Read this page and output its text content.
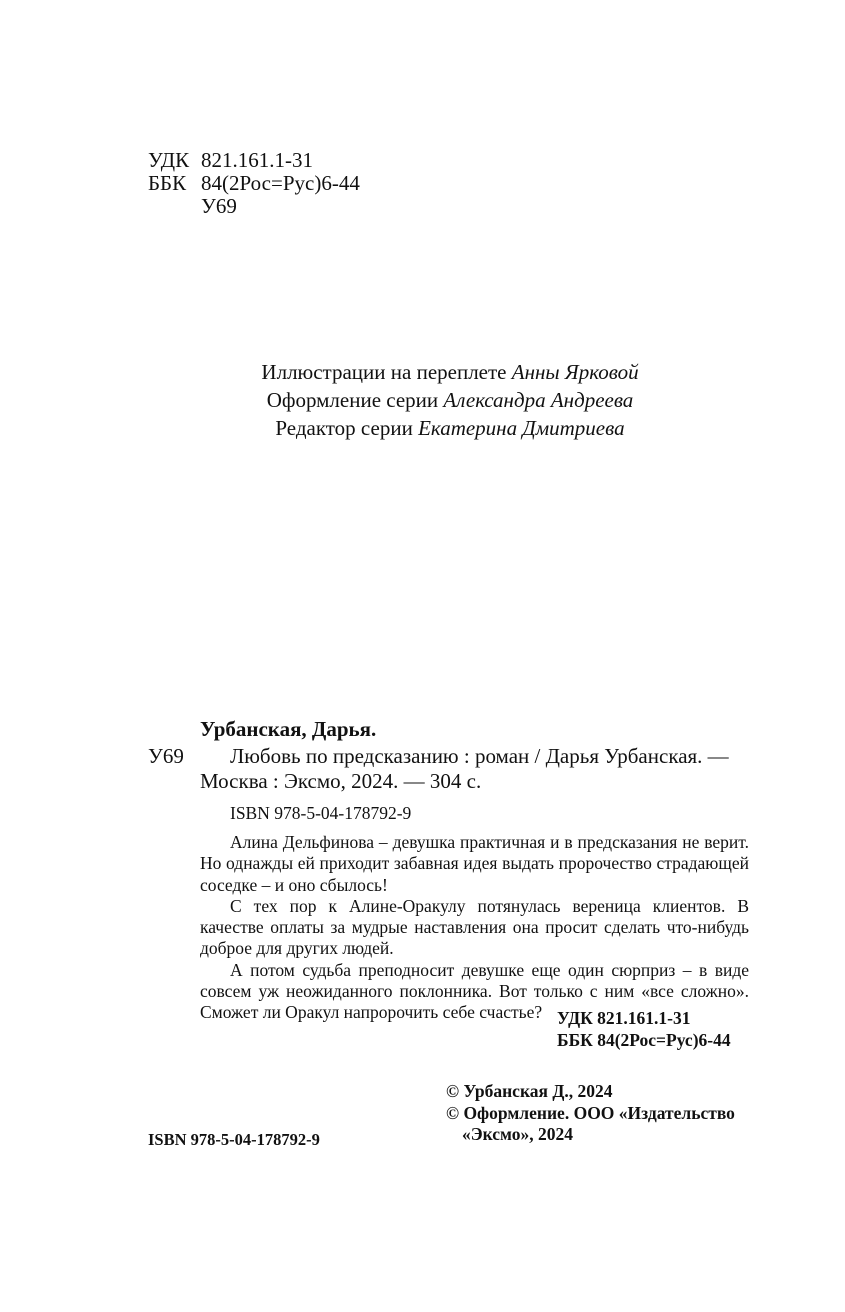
УДК 821.161.1-31
ББК 84(2Рос=Рус)6-44
У69
Иллюстрации на переплете Анны Ярковой
Оформление серии Александра Андреева
Редактор серии Екатерина Дмитриева
Урбанская, Дарья.
У69 Любовь по предсказанию : роман / Дарья Урбанская. —
Москва : Эксмо, 2024. — 304 с.
ISBN 978-5-04-178792-9

Алина Дельфинова – девушка практичная и в предсказания не верит. Но однажды ей приходит забавная идея выдать пророчество страдающей соседке – и оно сбылось!

С тех пор к Алине-Оракулу потянулась вереница клиентов. В качестве оплаты за мудрые наставления она просит сделать что-нибудь доброе для других людей.

А потом судьба преподносит девушке еще один сюрприз – в виде совсем уж неожиданного поклонника. Вот только с ним «все сложно». Сможет ли Оракул напророчить себе счастье? УДК 821.161.1-31
ББК 84(2Рос=Рус)6-44
© Урбанская Д., 2024
© Оформление. ООО «Издательство
«Эксмо», 2024
ISBN 978-5-04-178792-9
